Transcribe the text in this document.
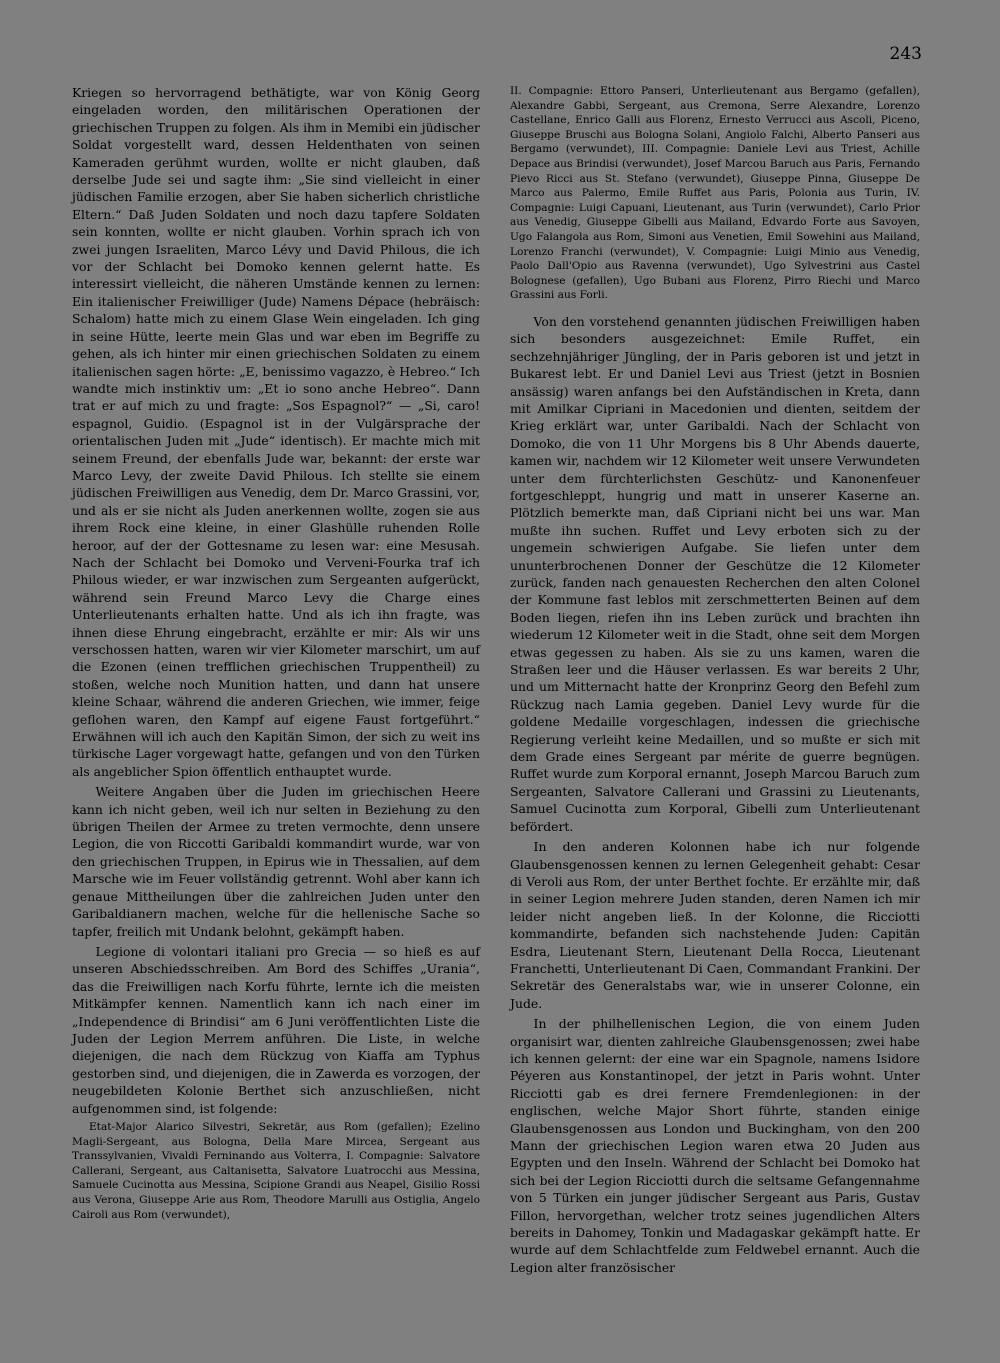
243

Kriegen so hervorragend bethätigte, war von König Georg eingeladen worden, den militärischen Operationen der griechischen Truppen zu folgen. Als ihm in Memibi ein jüdischer Soldat vorgestellt ward, dessen Heldenthaten von seinen Kameraden gerühmt wurden, wollte er nicht glauben, daß derselbe Jude sei und sagte ihm: „Sie sind vielleicht in einer jüdischen Familie erzogen, aber Sie haben sicherlich christliche Eltern.“ Daß Juden Soldaten und noch dazu tapfere Soldaten sein konnten, wollte er nicht glauben. Vorhin sprach ich von zwei jungen Israeliten, Marco Lévy und David Philous, die ich vor der Schlacht bei Domoko kennen gelernt hatte. Es interessirt vielleicht, die näheren Umstände kennen zu lernen: Ein italienischer Freiwilliger (Jude) Namens Dépace (hebräisch: Schalom) hatte mich zu einem Glase Wein eingeladen. Ich ging in seine Hütte, leerte mein Glas und war eben im Begriffe zu gehen, als ich hinter mir einen griechischen Soldaten zu einem italienischen sagen hörte: „E, benissimo vagazzo, è Hebreo.“ Ich wandte mich instinktiv um: „Et io sono anche Hebreo“. Dann trat er auf mich zu und fragte: „Sos Espagnol?“ — „Si, caro! espagnol, Guidio. (Espagnol ist in der Vulgärsprache der orientalischen Juden mit „Jude“ identisch). Er machte mich mit seinem Freund, der ebenfalls Jude war, bekannt: der erste war Marco Levy, der zweite David Philous. Ich stellte sie einem jüdischen Freiwilligen aus Venedig, dem Dr. Marco Grassini, vor, und als er sie nicht als Juden anerkennen wollte, zogen sie aus ihrem Rock eine kleine, in einer Glashülle ruhenden Rolle heroor, auf der der Gottesname zu lesen war: eine Mesusah. Nach der Schlacht bei Domoko und Verveni-Fourka traf ich Philous wieder, er war inzwischen zum Sergeanten aufgerückt, während sein Freund Marco Levy die Charge eines Unterlieutenants erhalten hatte. Und als ich ihn fragte, was ihnen diese Ehrung eingebracht, erzählte er mir: Als wir uns verschossen hatten, waren wir vier Kilometer marschirt, um auf die Ezonen (einen trefflichen griechischen Truppentheil) zu stoßen, welche noch Munition hatten, und dann hat unsere kleine Schaar, während die anderen Griechen, wie immer, feige geflohen waren, den Kampf auf eigene Faust fortgeführt.“ Erwähnen will ich auch den Kapitän Simon, der sich zu weit ins türkische Lager vorgewagt hatte, gefangen und von den Türken als angeblicher Spion öffentlich enthauptet wurde.

Weitere Angaben über die Juden im griechischen Heere kann ich nicht geben, weil ich nur selten in Beziehung zu den übrigen Theilen der Armee zu treten vermochte, denn unsere Legion, die von Riccotti Garibaldi kommandirt wurde, war von den griechischen Truppen, in Epirus wie in Thessalien, auf dem Marsche wie im Feuer vollständig getrennt. Wohl aber kann ich genaue Mittheilungen über die zahlreichen Juden unter den Garibaldianern machen, welche für die hellenische Sache so tapfer, freilich mit Undank belohnt, gekämpft haben.

Legione di volontari italiani pro Grecia — so hieß es auf unseren Abschiedsschreiben. Am Bord des Schiffes „Urania“, das die Freiwilligen nach Korfu führte, lernte ich die meisten Mitkämpfer kennen. Namentlich kann ich nach einer im „Independence di Brindisi“ am 6 Juni veröffentlichten Liste die Juden der Legion Merrem anführen. Die Liste, in welche diejenigen, die nach dem Rückzug von Kiaffa am Typhus gestorben sind, und diejenigen, die in Zawerda es vorzogen, der neugebildeten Kolonie Berthet sich anzuschließen, nicht aufgenommen sind, ist folgende:

Etat-Major Alarico Silvestri, Sekretär, aus Rom (gefallen); Ezelino Magli-Sergeant, aus Bologna, Della Mare Mircea, Sergeant aus Transsylvanien, Vivaldi Ferninando aus Volterra, I. Compagnie: Salvatore Callerani, Sergeant, aus Caltanisetta, Salvatore Luatrocchi aus Messina, Samuele Cucinotta aus Messina, Scipione Grandi aus Neapel, Gisilio Rossi aus Verona, Giuseppe Arie aus Rom, Theodore Marulli aus Ostiglia, Angelo Cairoli aus Rom (verwundet),

II. Compagnie: Ettoro Panseri, Unterlieutenant aus Bergamo (gefallen), Alexandre Gabbi, Sergeant, aus Cremona, Serre Alexandre, Lorenzo Castellane, Enrico Galli aus Florenz, Ernesto Verrucci aus Ascoli, Piceno, Giuseppe Bruschi aus Bologna Solani, Angiolo Falchi, Alberto Panseri aus Bergamo (verwundet), III. Compagnie: Daniele Levi aus Triest, Achille Depace aus Brindisi (verwundet), Josef Marcou Baruch aus Paris, Fernando Pievo Ricci aus St. Stefano (verwundet), Giuseppe Pinna, Giuseppe De Marco aus Palermo, Emile Ruffet aus Paris, Polonia aus Turin, IV. Compagnie: Luigi Capuani, Lieutenant, aus Turin (verwundet), Carlo Prior aus Venedig, Giuseppe Gibelli aus Mailand, Edvardo Forte aus Savoyen, Ugo Falangola aus Rom, Simoni aus Venetien, Emil Sowehini aus Mailand, Lorenzo Franchi (verwundet), V. Compagnie: Luigi Minio aus Venedig, Paolo Dall'Opio aus Ravenna (verwundet), Ugo Sylvestrini aus Castel Bolognese (gefallen), Ugo Bubani aus Florenz, Pirro Riechi und Marco Grassini aus Forli.

Von den vorstehend genannten jüdischen Freiwilligen haben sich besonders ausgezeichnet: Emile Ruffet, ein sechzehnjähriger Jüngling, der in Paris geboren ist und jetzt in Bukarest lebt. Er und Daniel Levi aus Triest (jetzt in Bosnien ansässig) waren anfangs bei den Aufständischen in Kreta, dann mit Amilkar Cipriani in Macedonien und dienten, seitdem der Krieg erklärt war, unter Garibaldi. Nach der Schlacht von Domoko, die von 11 Uhr Morgens bis 8 Uhr Abends dauerte, kamen wir, nachdem wir 12 Kilometer weit unsere Verwundeten unter dem fürchterlichsten Geschütz- und Kanonenfeuer fortgeschleppt, hungrig und matt in unserer Kaserne an. Plötzlich bemerkte man, daß Cipriani nicht bei uns war. Man mußte ihn suchen. Ruffet und Levy erboten sich zu der ungemein schwierigen Aufgabe. Sie liefen unter dem ununterbrochenen Donner der Geschütze die 12 Kilometer zurück, fanden nach genauesten Recherchen den alten Colonel der Kommune fast leblos mit zerschmetterten Beinen auf dem Boden liegen, riefen ihn ins Leben zurück und brachten ihn wiederum 12 Kilometer weit in die Stadt, ohne seit dem Morgen etwas gegessen zu haben. Als sie zu uns kamen, waren die Straßen leer und die Häuser verlassen. Es war bereits 2 Uhr, und um Mitternacht hatte der Kronprinz Georg den Befehl zum Rückzug nach Lamia gegeben. Daniel Levy wurde für die goldene Medaille vorgeschlagen, indessen die griechische Regierung verleiht keine Medaillen, und so mußte er sich mit dem Grade eines Sergeant par mérite de guerre begnügen. Ruffet wurde zum Korporal ernannt, Joseph Marcou Baruch zum Sergeanten, Salvatore Callerani und Grassini zu Lieutenants, Samuel Cucinotta zum Korporal, Gibelli zum Unterlieutenant befördert.

In den anderen Kolonnen habe ich nur folgende Glaubensgenossen kennen zu lernen Gelegenheit gehabt: Cesar di Veroli aus Rom, der unter Berthet fochte. Er erzählte mir, daß in seiner Legion mehrere Juden standen, deren Namen ich mir leider nicht angeben ließ. In der Kolonne, die Ricciotti kommandirte, befanden sich nachstehende Juden: Capitän Esdra, Lieutenant Stern, Lieutenant Della Rocca, Lieutenant Franchetti, Unterlieutenant Di Caen, Commandant Frankini. Der Sekretär des Generalstabs war, wie in unserer Colonne, ein Jude.

In der philhellenischen Legion, die von einem Juden organisirt war, dienten zahlreiche Glaubensgenossen; zwei habe ich kennen gelernt: der eine war ein Spagnole, namens Isidore Péyeren aus Konstantinopel, der jetzt in Paris wohnt. Unter Ricciotti gab es drei fernere Fremdenlegionen: in der englischen, welche Major Short führte, standen einige Glaubensgenossen aus London und Buckingham, von den 200 Mann der griechischen Legion waren etwa 20 Juden aus Egypten und den Inseln. Während der Schlacht bei Domoko hat sich bei der Legion Ricciotti durch die seltsame Gefangennahme von 5 Türken ein junger jüdischer Sergeant aus Paris, Gustav Fillon, hervorgethan, welcher trotz seines jugendlichen Alters bereits in Dahomey, Tonkin und Madagaskar gekämpft hatte. Er wurde auf dem Schlachtfelde zum Feldwebel ernannt. Auch die Legion alter französischer
